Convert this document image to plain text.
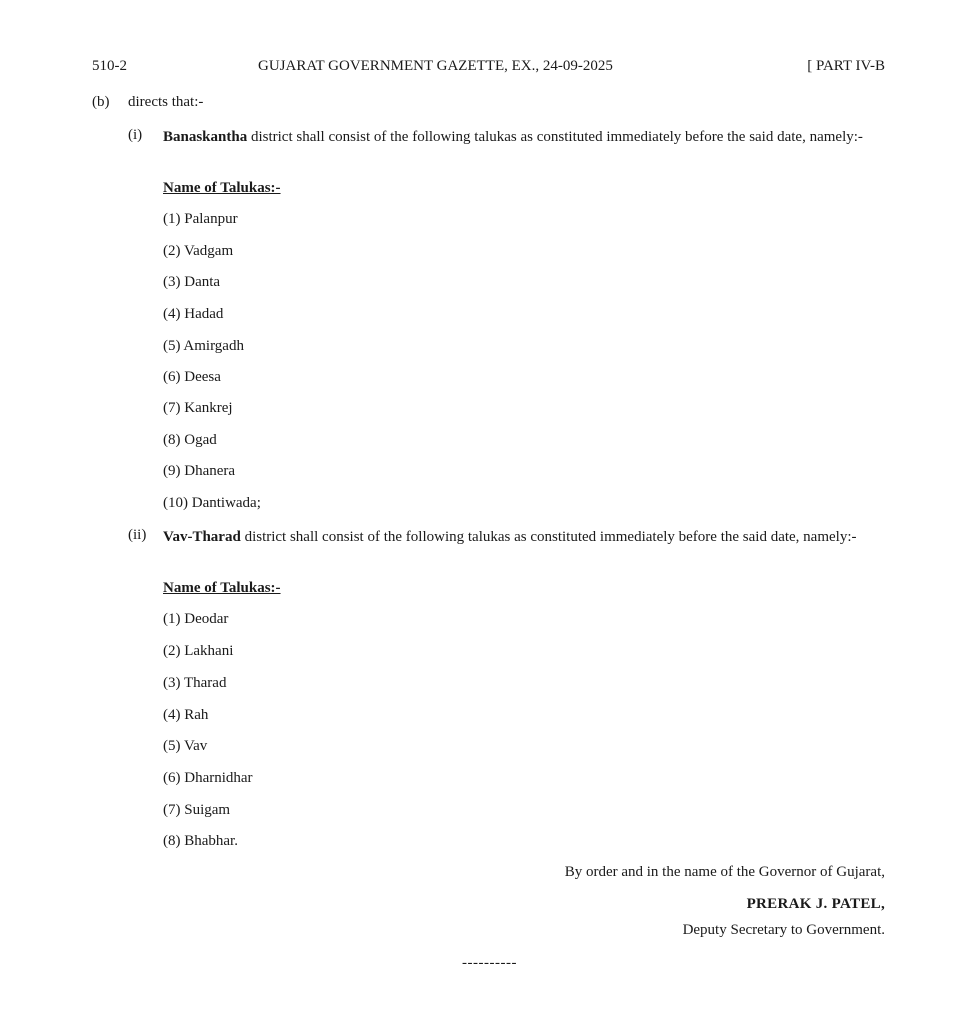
510-2	GUJARAT GOVERNMENT GAZETTE, EX., 24-09-2025	[ PART IV-B
(b) directs that:-
(i) Banaskantha district shall consist of the following talukas as constituted immediately before the said date, namely:-
Name of Talukas:-
(1) Palanpur
(2) Vadgam
(3) Danta
(4) Hadad
(5) Amirgadh
(6) Deesa
(7) Kankrej
(8) Ogad
(9) Dhanera
(10) Dantiwada;
(ii) Vav-Tharad district shall consist of the following talukas as constituted immediately before the said date, namely:-
Name of Talukas:-
(1) Deodar
(2) Lakhani
(3) Tharad
(4) Rah
(5) Vav
(6) Dharnidhar
(7) Suigam
(8) Bhabhar.
By order and in the name of the Governor of Gujarat,
PRERAK J. PATEL,
Deputy Secretary to Government.
----------
